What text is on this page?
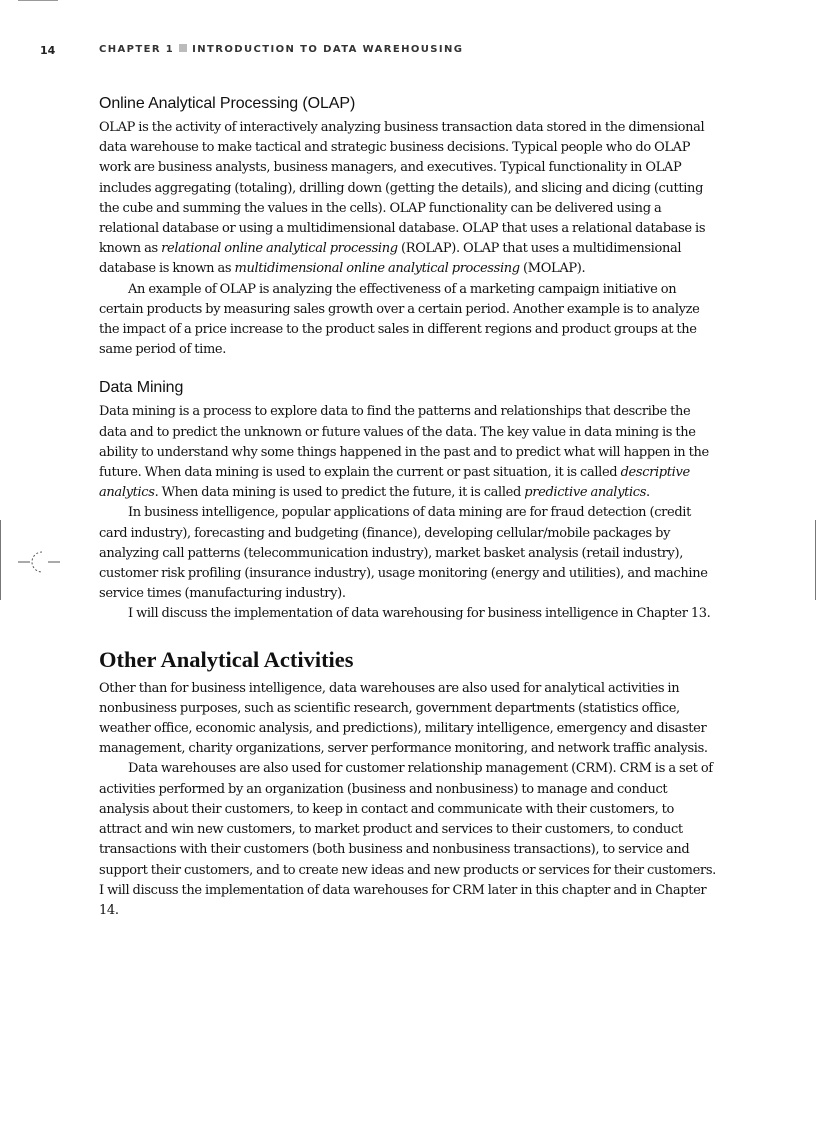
14	CHAPTER 1 INTRODUCTION TO DATA WAREHOUSING
Online Analytical Processing (OLAP)

OLAP is the activity of interactively analyzing business transaction data stored in the dimensional data warehouse to make tactical and strategic business decisions. Typical people who do OLAP work are business analysts, business managers, and executives. Typical functionality in OLAP includes aggregating (totaling), drilling down (getting the details), and slicing and dicing (cutting the cube and summing the values in the cells). OLAP functionality can be delivered using a relational database or using a multidimensional database. OLAP that uses a relational database is known as relational online analytical processing (ROLAP). OLAP that uses a multidimensional database is known as multidimensional online analytical processing (MOLAP).

An example of OLAP is analyzing the effectiveness of a marketing campaign initiative on certain products by measuring sales growth over a certain period. Another example is to analyze the impact of a price increase to the product sales in different regions and product groups at the same period of time.

Data Mining

Data mining is a process to explore data to find the patterns and relationships that describe the data and to predict the unknown or future values of the data. The key value in data mining is the ability to understand why some things happened in the past and to predict what will happen in the future. When data mining is used to explain the current or past situation, it is called descriptive analytics. When data mining is used to predict the future, it is called predictive analytics.

In business intelligence, popular applications of data mining are for fraud detection (credit card industry), forecasting and budgeting (finance), developing cellular/mobile packages by analyzing call patterns (telecommunication industry), market basket analysis (retail industry), customer risk profiling (insurance industry), usage monitoring (energy and utilities), and machine service times (manufacturing industry).

I will discuss the implementation of data warehousing for business intelligence in Chapter 13.

Other Analytical Activities

Other than for business intelligence, data warehouses are also used for analytical activities in nonbusiness purposes, such as scientific research, government departments (statistics office, weather office, economic analysis, and predictions), military intelligence, emergency and disaster management, charity organizations, server performance monitoring, and network traffic analysis.

Data warehouses are also used for customer relationship management (CRM). CRM is a set of activities performed by an organization (business and nonbusiness) to manage and conduct analysis about their customers, to keep in contact and communicate with their customers, to attract and win new customers, to market product and services to their customers, to conduct transactions with their customers (both business and nonbusiness transactions), to service and support their customers, and to create new ideas and new products or services for their customers. I will discuss the implementation of data warehouses for CRM later in this chapter and in Chapter 14.
